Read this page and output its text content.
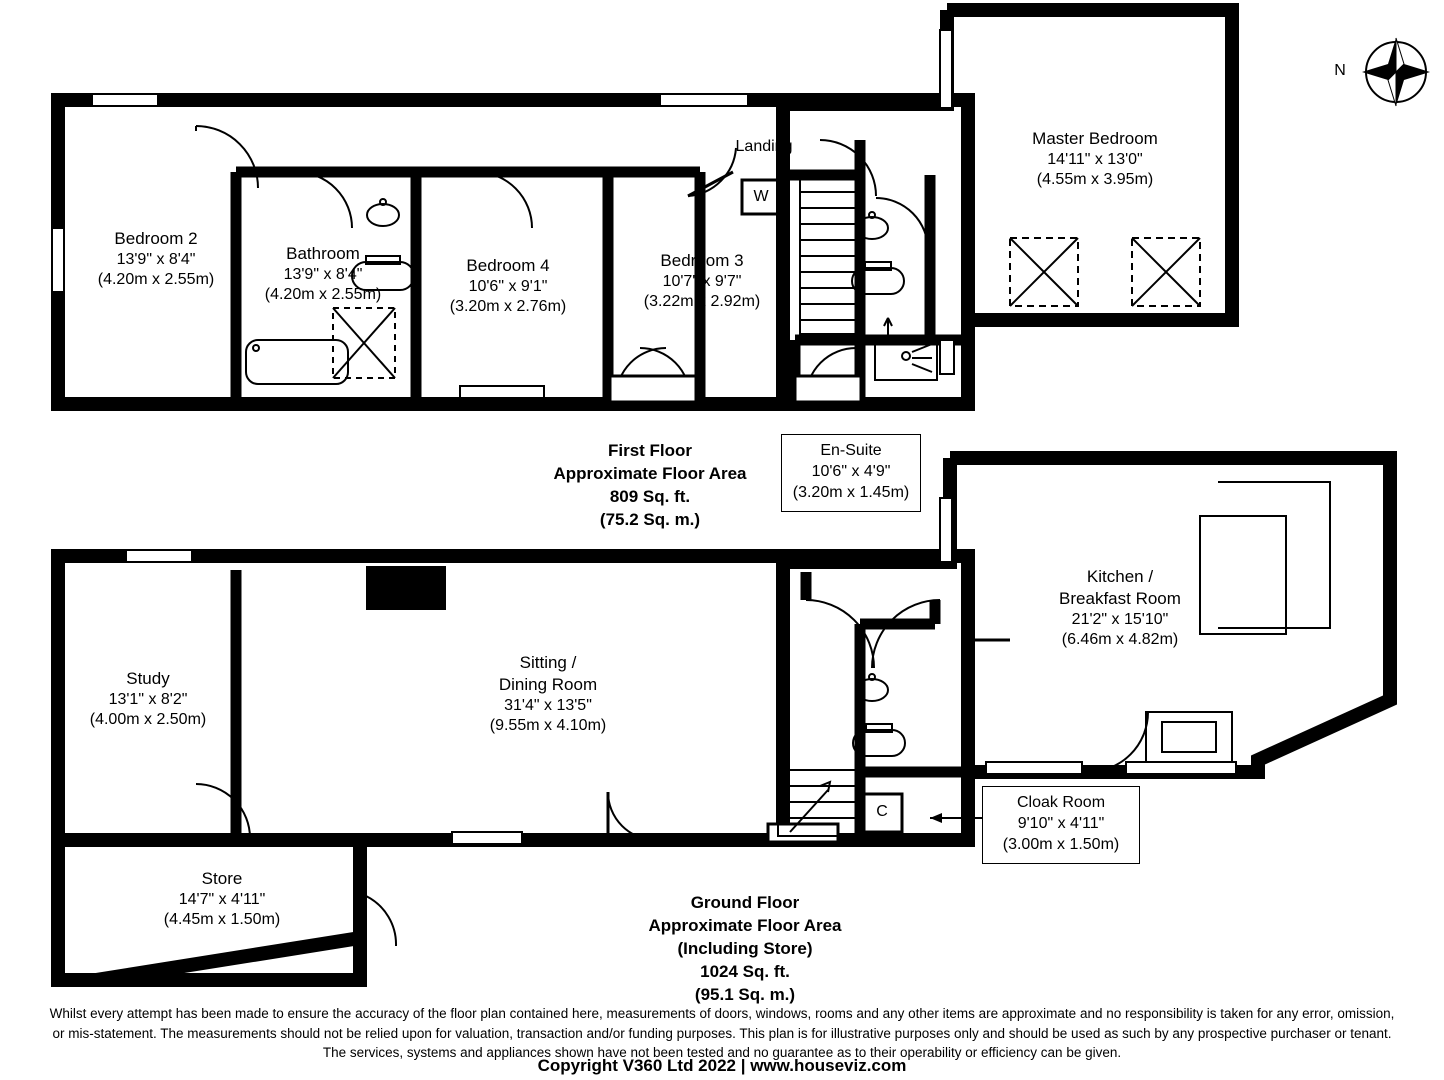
Bedroom 2
13'9" x 8'4"
(4.20m x 2.55m)
Bathroom
13'9" x 8'4"
(4.20m x 2.55m)
Bedroom 4
10'6" x 9'1"
(3.20m x 2.76m)
Bedroom 3
10'7" x 9'7"
(3.22m x 2.92m)
Master Bedroom
14'11" x 13'0"
(4.55m x 3.95m)
Landing
W
C
En-Suite
10'6" x 4'9"
(3.20m x 1.45m)
First Floor
Approximate Floor Area
809 Sq. ft.
(75.2 Sq. m.)
Study
13'1" x 8'2"
(4.00m x 2.50m)
Sitting /
Dining Room
31'4" x 13'5"
(9.55m x 4.10m)
Kitchen /
Breakfast Room
21'2" x 15'10"
(6.46m x 4.82m)
Cloak Room
9'10" x 4'11"
(3.00m x 1.50m)
Store
14'7" x 4'11"
(4.45m x 1.50m)
Ground Floor
Approximate Floor Area
(Including Store)
1024 Sq. ft.
(95.1 Sq. m.)
N
Whilst every attempt has been made to ensure the accuracy of the floor plan contained here, measurements of doors, windows, rooms and any other items are approximate and no responsibility is taken for any error, omission,
or mis-statement. The measurements should not be relied upon for valuation, transaction and/or funding purposes. This plan is for illustrative purposes only and should be used as such by any prospective purchaser or tenant.
The services, systems and appliances shown have not been tested and no guarantee as to their operability or efficiency can be given.
Copyright V360 Ltd 2022 | www.houseviz.com
